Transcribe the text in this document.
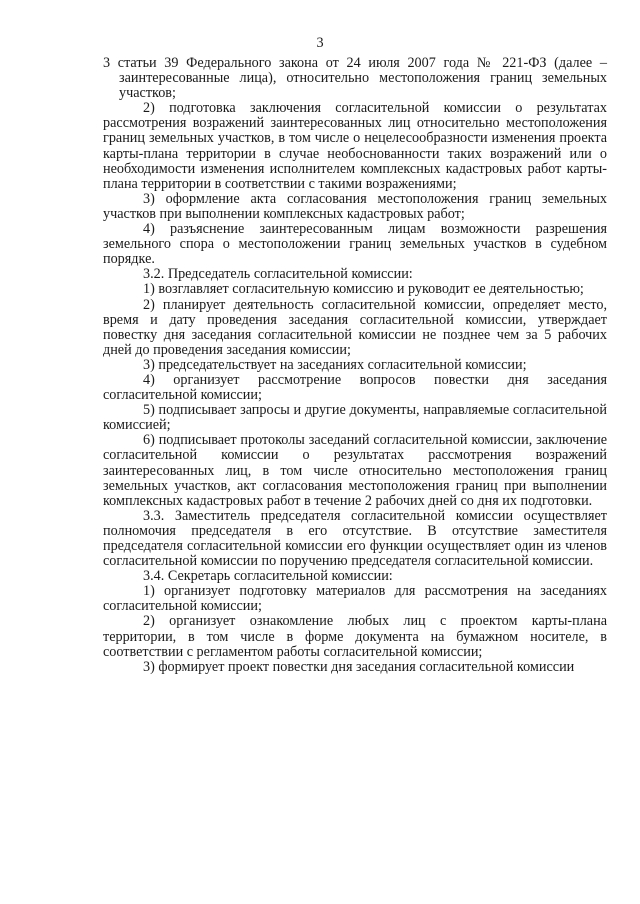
3

3 статьи 39 Федерального закона от 24 июля 2007 года № 221-ФЗ (далее – заинтересованные лица), относительно местоположения границ земельных участков;

2) подготовка заключения согласительной комиссии о результатах рассмотрения возражений заинтересованных лиц относительно местоположения границ земельных участков, в том числе о нецелесообразности изменения проекта карты-плана территории в случае необоснованности таких возражений или о необходимости изменения исполнителем комплексных кадастровых работ карты-плана территории в соответствии с такими возражениями;

3) оформление акта согласования местоположения границ земельных участков при выполнении комплексных кадастровых работ;

4) разъяснение заинтересованным лицам возможности разрешения земельного спора о местоположении границ земельных участков в судебном порядке.

3.2. Председатель согласительной комиссии:

1) возглавляет согласительную комиссию и руководит ее деятельностью;

2) планирует деятельность согласительной комиссии, определяет место, время и дату проведения заседания согласительной комиссии, утверждает повестку дня заседания согласительной комиссии не позднее чем за 5 рабочих дней до проведения заседания комиссии;

3) председательствует на заседаниях согласительной комиссии;

4) организует рассмотрение вопросов повестки дня заседания согласительной комиссии;

5) подписывает запросы и другие документы, направляемые согласительной комиссией;

6) подписывает протоколы заседаний согласительной комиссии, заключение согласительной комиссии о результатах рассмотрения возражений заинтересованных лиц, в том числе относительно местоположения границ земельных участков, акт согласования местоположения границ при выполнении комплексных кадастровых работ в течение 2 рабочих дней со дня их подготовки.

3.3. Заместитель председателя согласительной комиссии осуществляет полномочия председателя в его отсутствие. В отсутствие заместителя председателя согласительной комиссии его функции осуществляет один из членов согласительной комиссии по поручению председателя согласительной комиссии.

3.4. Секретарь согласительной комиссии:

1) организует подготовку материалов для рассмотрения на заседаниях согласительной комиссии;

2) организует ознакомление любых лиц с проектом карты-плана территории, в том числе в форме документа на бумажном носителе, в соответствии с регламентом работы согласительной комиссии;

3) формирует проект повестки дня заседания согласительной комиссии
